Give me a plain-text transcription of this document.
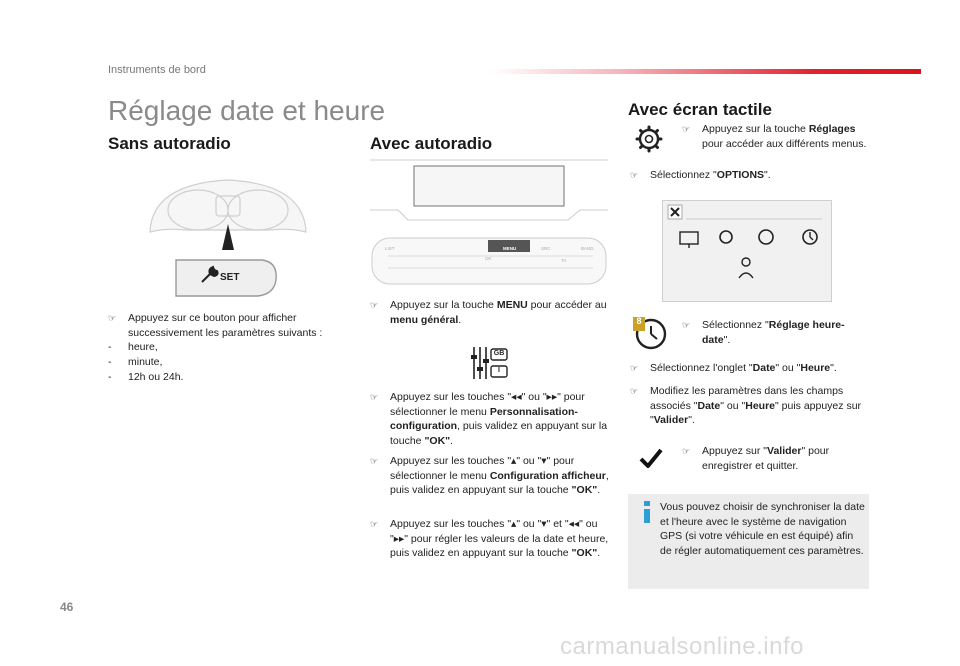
Instruments de bord
Réglage date et heure
Sans autoradio
SET
☞ Appuyez sur ce bouton pour afficher
successivement les paramètres suivants :
- heure,
- minute,
- 12h ou 24h.
Avec autoradio
LIST	MENU	SRC	BAND
OK	TA
☞ Appuyez sur la touche MENU pour accéder au menu général.
GB
I
☞ Appuyez sur les touches "◂◂" ou "▸▸" pour sélectionner le menu Personnalisation-configuration, puis validez en appuyant sur la touche "OK".
☞ Appuyez sur les touches "▴" ou "▾" pour sélectionner le menu Configuration afficheur, puis validez en appuyant sur la touche "OK".
☞ Appuyez sur les touches "▴" ou "▾" et "◂◂" ou "▸▸" pour régler les valeurs de la date et heure, puis validez en appuyant sur la touche "OK".
Avec écran tactile
☞ Appuyez sur la touche Réglages pour accéder aux différents menus.
☞ Sélectionnez "OPTIONS".
8	☞ Sélectionnez "Réglage heure-date".
☞ Sélectionnez l'onglet "Date" ou "Heure".
☞ Modifiez les paramètres dans les champs associés "Date" ou "Heure" puis appuyez sur "Valider".
☞ Appuyez sur "Valider" pour enregistrer et quitter.
Vous pouvez choisir de synchroniser la date et l'heure avec le système de navigation GPS (si votre véhicule en est équipé) afin de régler automatiquement ces paramètres.
46
carmanualsonline.info
